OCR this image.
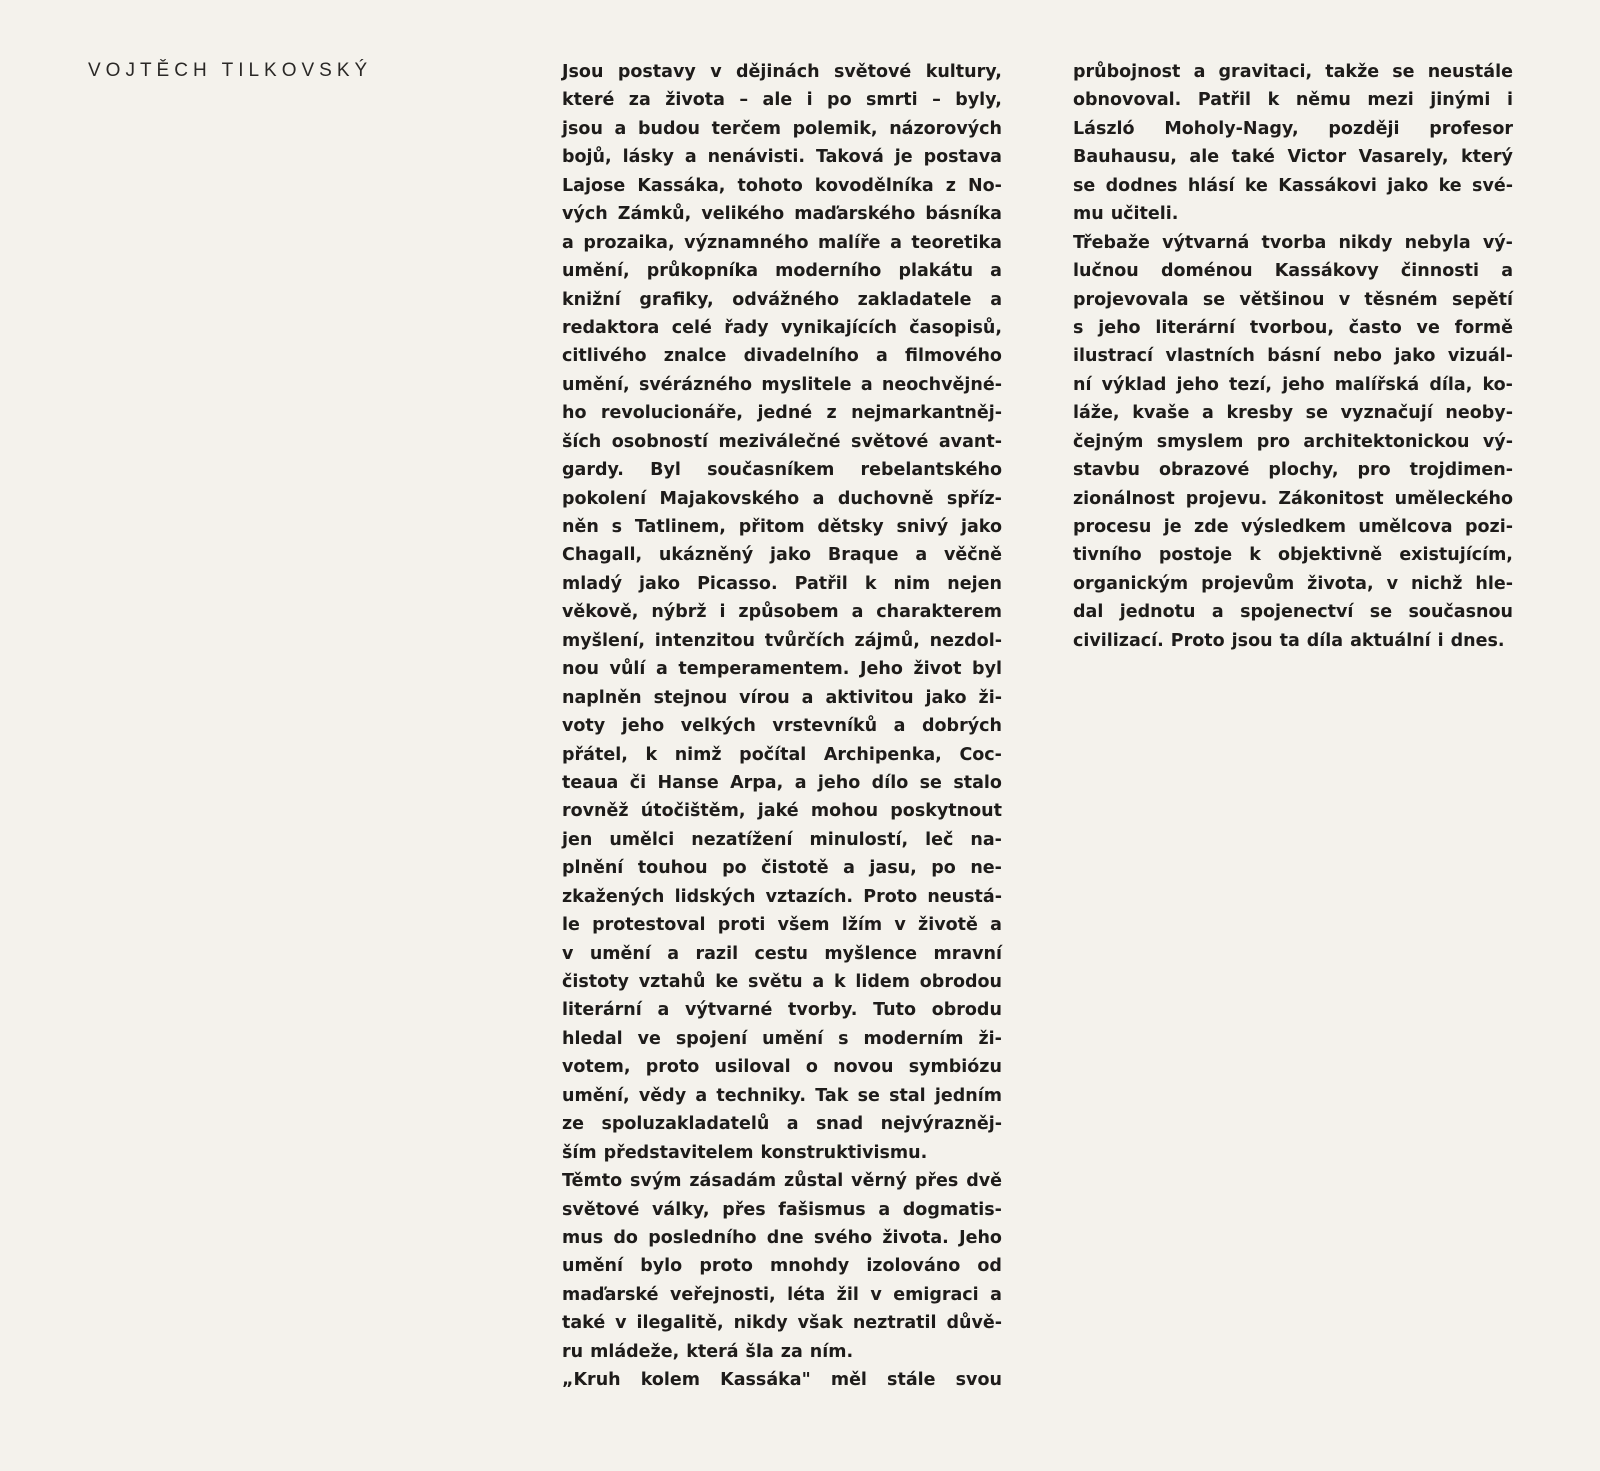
VOJTĚCH TILKOVSKÝ	Jsou postavy v dějinách světové kultury,
které za života – ale i po smrti – byly,
jsou a budou terčem polemik, názorových
bojů, lásky a nenávisti. Taková je postava
Lajose Kassáka, tohoto kovodělníka z No-
vých Zámků, velikého maďarského básníka
a prozaika, významného malíře a teoretika
umění, průkopníka moderního plakátu a
knižní grafiky, odvážného zakladatele a
redaktora celé řady vynikajících časopisů,
citlivého znalce divadelního a filmového
umění, svérázného myslitele a neochvějné-
ho revolucionáře, jedné z nejmarkantněj-
ších osobností meziválečné světové avant-
gardy. Byl současníkem rebelantského
pokolení Majakovského a duchovně spříz-
něn s Tatlinem, přitom dětsky snivý jako
Chagall, ukázněný jako Braque a věčně
mladý jako Picasso. Patřil k nim nejen
věkově, nýbrž i způsobem a charakterem
myšlení, intenzitou tvůrčích zájmů, nezdol-
nou vůlí a temperamentem. Jeho život byl
naplněn stejnou vírou a aktivitou jako ži-
voty jeho velkých vrstevníků a dobrých
přátel, k nimž počítal Archipenka, Coc-
teaua či Hanse Arpa, a jeho dílo se stalo
rovněž útočištěm, jaké mohou poskytnout
jen umělci nezatížení minulostí, leč na-
plnění touhou po čistotě a jasu, po ne-
zkažených lidských vztazích. Proto neustá-
le protestoval proti všem lžím v životě a
v umění a razil cestu myšlence mravní
čistoty vztahů ke světu a k lidem obrodou
literární a výtvarné tvorby. Tuto obrodu
hledal ve spojení umění s moderním ži-
votem, proto usiloval o novou symbiózu
umění, vědy a techniky. Tak se stal jedním
ze spoluzakladatelů a snad nejvýrazněj-
ším představitelem konstruktivismu.
Těmto svým zásadám zůstal věrný přes dvě
světové války, přes fašismus a dogmatis-
mus do posledního dne svého života. Jeho
umění bylo proto mnohdy izolováno od
maďarské veřejnosti, léta žil v emigraci a
také v ilegalitě, nikdy však neztratil důvě-
ru mládeže, která šla za ním.
„Kruh kolem Kassáka" měl stále svou
průbojnost a gravitaci, takže se neustále
obnovoval. Patřil k němu mezi jinými i
László Moholy-Nagy, později profesor
Bauhausu, ale také Victor Vasarely, který
se dodnes hlásí ke Kassákovi jako ke své-
mu učiteli.
Třebaže výtvarná tvorba nikdy nebyla vý-
lučnou doménou Kassákovy činnosti a
projevovala se většinou v těsném sepětí
s jeho literární tvorbou, často ve formě
ilustrací vlastních básní nebo jako vizuál-
ní výklad jeho tezí, jeho malířská díla, ko-
láže, kvaše a kresby se vyznačují neoby-
čejným smyslem pro architektonickou vý-
stavbu obrazové plochy, pro trojdimen-
zionálnost projevu. Zákonitost uměleckého
procesu je zde výsledkem umělcova pozi-
tivního postoje k objektivně existujícím,
organickým projevům života, v nichž hle-
dal jednotu a spojenectví se současnou
civilizací. Proto jsou ta díla aktuální i dnes.
